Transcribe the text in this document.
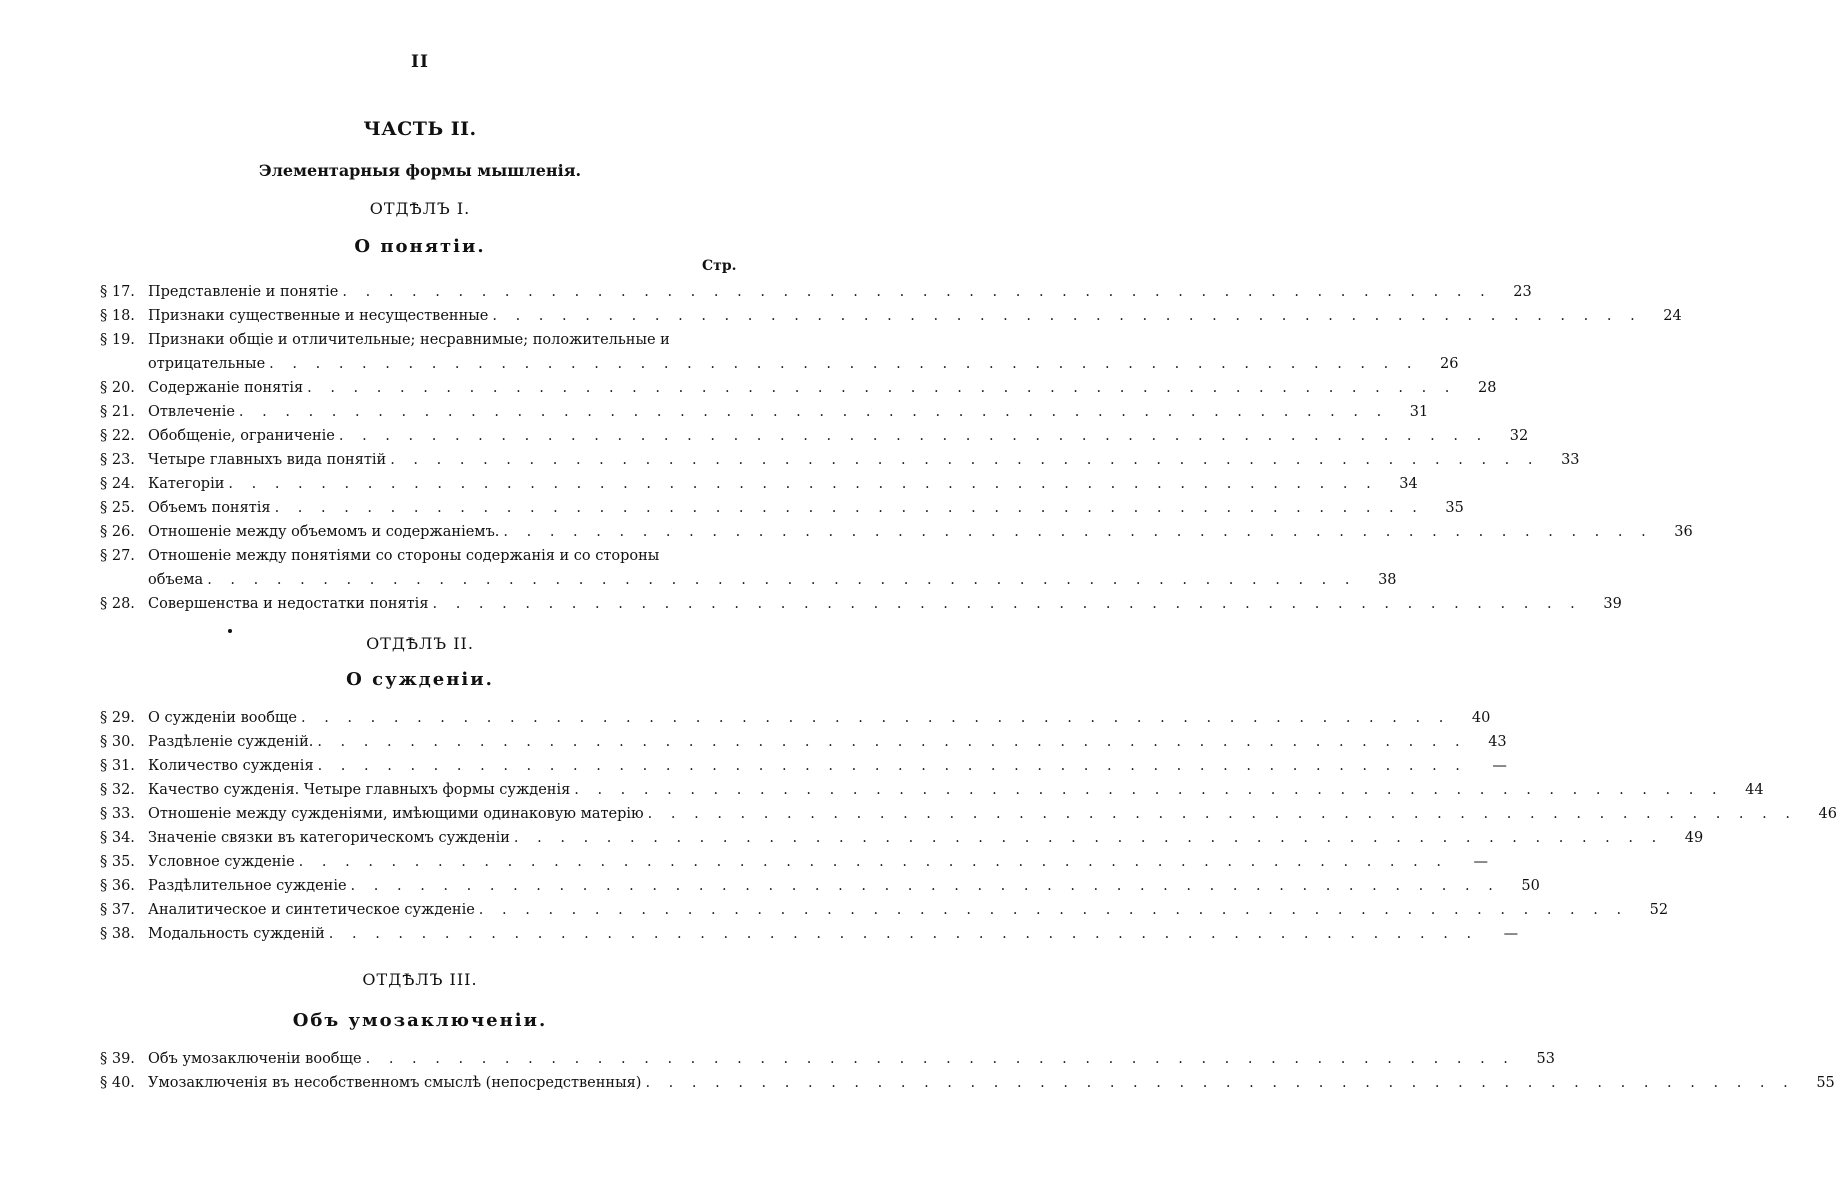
II
ЧАСТЬ II.
Элементарныя формы мышленія.
ОТДѢЛЪ I.
О понятіи.
Стр.
§ 17. Представленіе и понятіе . . . . . . . . . . . . . . . . . . . . . . . . . . . . . . . . . . . . . . . . . . . . . . . . . .	23
§ 18. Признаки существенные и несущественные . . . . . . . . . . . . . . . . . . . . . . . . . . . . . . . . . . . . . . . . . . . . . . . . . .	24
§ 19. Признаки общіе и отличительные; несравнимые; положительные и
отрицательные . . . . . . . . . . . . . . . . . . . . . . . . . . . . . . . . . . . . . . . . . . . . . . . . . .	26
§ 20. Содержаніе понятія . . . . . . . . . . . . . . . . . . . . . . . . . . . . . . . . . . . . . . . . . . . . . . . . . .	28
§ 21. Отвлеченіе . . . . . . . . . . . . . . . . . . . . . . . . . . . . . . . . . . . . . . . . . . . . . . . . . .	31
§ 22. Обобщеніе, ограниченіе . . . . . . . . . . . . . . . . . . . . . . . . . . . . . . . . . . . . . . . . . . . . . . . . . .	32
§ 23. Четыре главныхъ вида понятій . . . . . . . . . . . . . . . . . . . . . . . . . . . . . . . . . . . . . . . . . . . . . . . . . .	33
§ 24. Категоріи . . . . . . . . . . . . . . . . . . . . . . . . . . . . . . . . . . . . . . . . . . . . . . . . . .	34
§ 25. Объемъ понятія . . . . . . . . . . . . . . . . . . . . . . . . . . . . . . . . . . . . . . . . . . . . . . . . . .	35
§ 26. Отношеніе между объемомъ и содержаніемъ. . . . . . . . . . . . . . . . . . . . . . . . . . . . . . . . . . . . . . . . . . . . . . . . . . .	36
§ 27. Отношеніе между понятіями со стороны содержанія и со стороны
объема . . . . . . . . . . . . . . . . . . . . . . . . . . . . . . . . . . . . . . . . . . . . . . . . . .	38
§ 28. Совершенства и недостатки понятія . . . . . . . . . . . . . . . . . . . . . . . . . . . . . . . . . . . . . . . . . . . . . . . . . .	39
ОТДѢЛЪ II.
О сужденіи.
§ 29. О сужденіи вообще . . . . . . . . . . . . . . . . . . . . . . . . . . . . . . . . . . . . . . . . . . . . . . . . . .	40
§ 30. Раздѣленіе сужденій. . . . . . . . . . . . . . . . . . . . . . . . . . . . . . . . . . . . . . . . . . . . . . . . . . .	43
§ 31. Количество сужденія . . . . . . . . . . . . . . . . . . . . . . . . . . . . . . . . . . . . . . . . . . . . . . . . . .	—
§ 32. Качество сужденія. Четыре главныхъ формы сужденія . . . . . . . . . . . . . . . . . . . . . . . . . . . . . . . . . . . . . . . . . . . . . . . . . .	44
§ 33. Отношеніе между сужденіями, имѣющими одинаковую матерію . . . . . . . . . . . . . . . . . . . . . . . . . . . . . . . . . . . . . . . . . . . . . . . . . .	46
§ 34. Значеніе связки въ категорическомъ сужденіи . . . . . . . . . . . . . . . . . . . . . . . . . . . . . . . . . . . . . . . . . . . . . . . . . .	49
§ 35. Условное сужденіе . . . . . . . . . . . . . . . . . . . . . . . . . . . . . . . . . . . . . . . . . . . . . . . . . .	—
§ 36. Раздѣлительное сужденіе . . . . . . . . . . . . . . . . . . . . . . . . . . . . . . . . . . . . . . . . . . . . . . . . . .	50
§ 37. Аналитическое и синтетическое сужденіе . . . . . . . . . . . . . . . . . . . . . . . . . . . . . . . . . . . . . . . . . . . . . . . . . .	52
§ 38. Модальность сужденій . . . . . . . . . . . . . . . . . . . . . . . . . . . . . . . . . . . . . . . . . . . . . . . . . .	—
ОТДѢЛЪ III.
Объ умозаключеніи.
§ 39. Объ умозаключеніи вообще . . . . . . . . . . . . . . . . . . . . . . . . . . . . . . . . . . . . . . . . . . . . . . . . . .	53
§ 40. Умозаключенія въ несобственномъ смыслѣ (непосредственныя) . . . . . . . . . . . . . . . . . . . . . . . . . . . . . . . . . . . . . . . . . . . . . . . . . .	55
